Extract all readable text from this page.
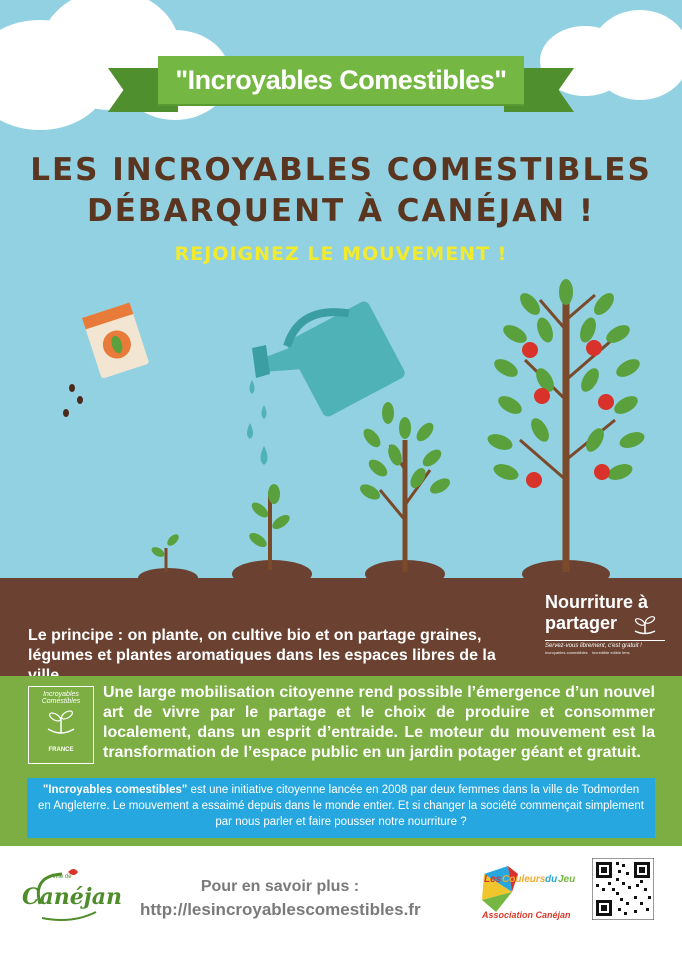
"Incroyables Comestibles"
LES INCROYABLES COMESTIBLES
DÉBARQUENT À CANÉJAN !
REJOIGNEZ LE MOUVEMENT !
Le principe : on plante, on cultive bio et on partage graines,
légumes et plantes aromatiques dans les espaces libres de la
Nourriture à
partager
Servez-vous librement, c'est gratuit !
Incroyables comestibles incredible edible lens
Incroyables Comestibles
FRANCE
Une large mobilisation citoyenne rend possible l’émergence d’un nouvel art de vivre par le partage et le choix de produire et consommer localement, dans un esprit d’entraide. Le moteur du mouvement est la transformation de l’espace public en un jardin potager géant et gratuit.
"Incroyables comestibles" est une initiative citoyenne lancée en 2008 par deux femmes dans la ville de Todmorden en Angleterre. Le mouvement a essaimé depuis dans le monde entier. Et si changer la société commençait simplement par nous parler et faire pousser notre nourriture ?
Ville de
Canéjan	Pour en savoir plus :
http://lesincroyablescomestibles.fr
Les Couleurs du Jeu
Association Canéjan
